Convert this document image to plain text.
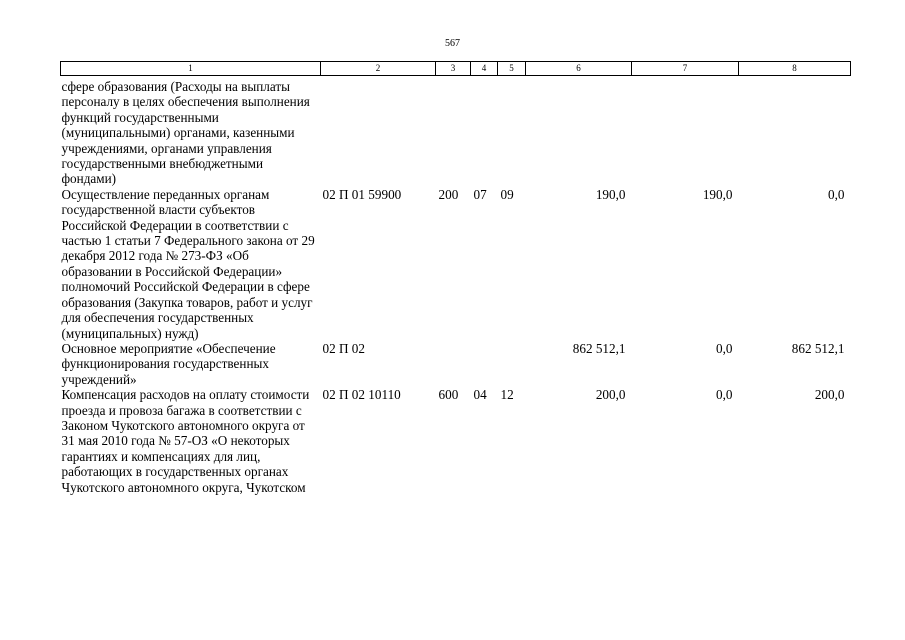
567
1	2	3	4	5	6	7	8
сфере образования (Расходы на выплаты персоналу в целях обеспечения выполнения функций государственными (муниципальными) органами, казенными учреждениями, органами управления государственными внебюджетными фондами)							
Осуществление переданных органам государственной власти субъектов Российской Федерации в соответствии с частью 1 статьи 7 Федерального закона от 29 декабря 2012 года № 273-ФЗ «Об образовании в Российской Федерации» полномочий Российской Федерации в сфере образования (Закупка товаров, работ и услуг для обеспечения государственных (муниципальных) нужд)	02 П 01 59900	200	07	09	190,0	190,0	0,0
Основное мероприятие «Обеспечение функционирования государственных учреждений»	02 П 02				862 512,1	0,0	862 512,1
Компенсация расходов на оплату стоимости проезда и провоза багажа в соответствии с Законом Чукотского автономного округа от 31 мая 2010 года № 57-ОЗ «О некоторых гарантиях и компенсациях для лиц, работающих в государственных органах Чукотского автономного округа, Чукотском	02 П 02 10110	600	04	12	200,0	0,0	200,0
